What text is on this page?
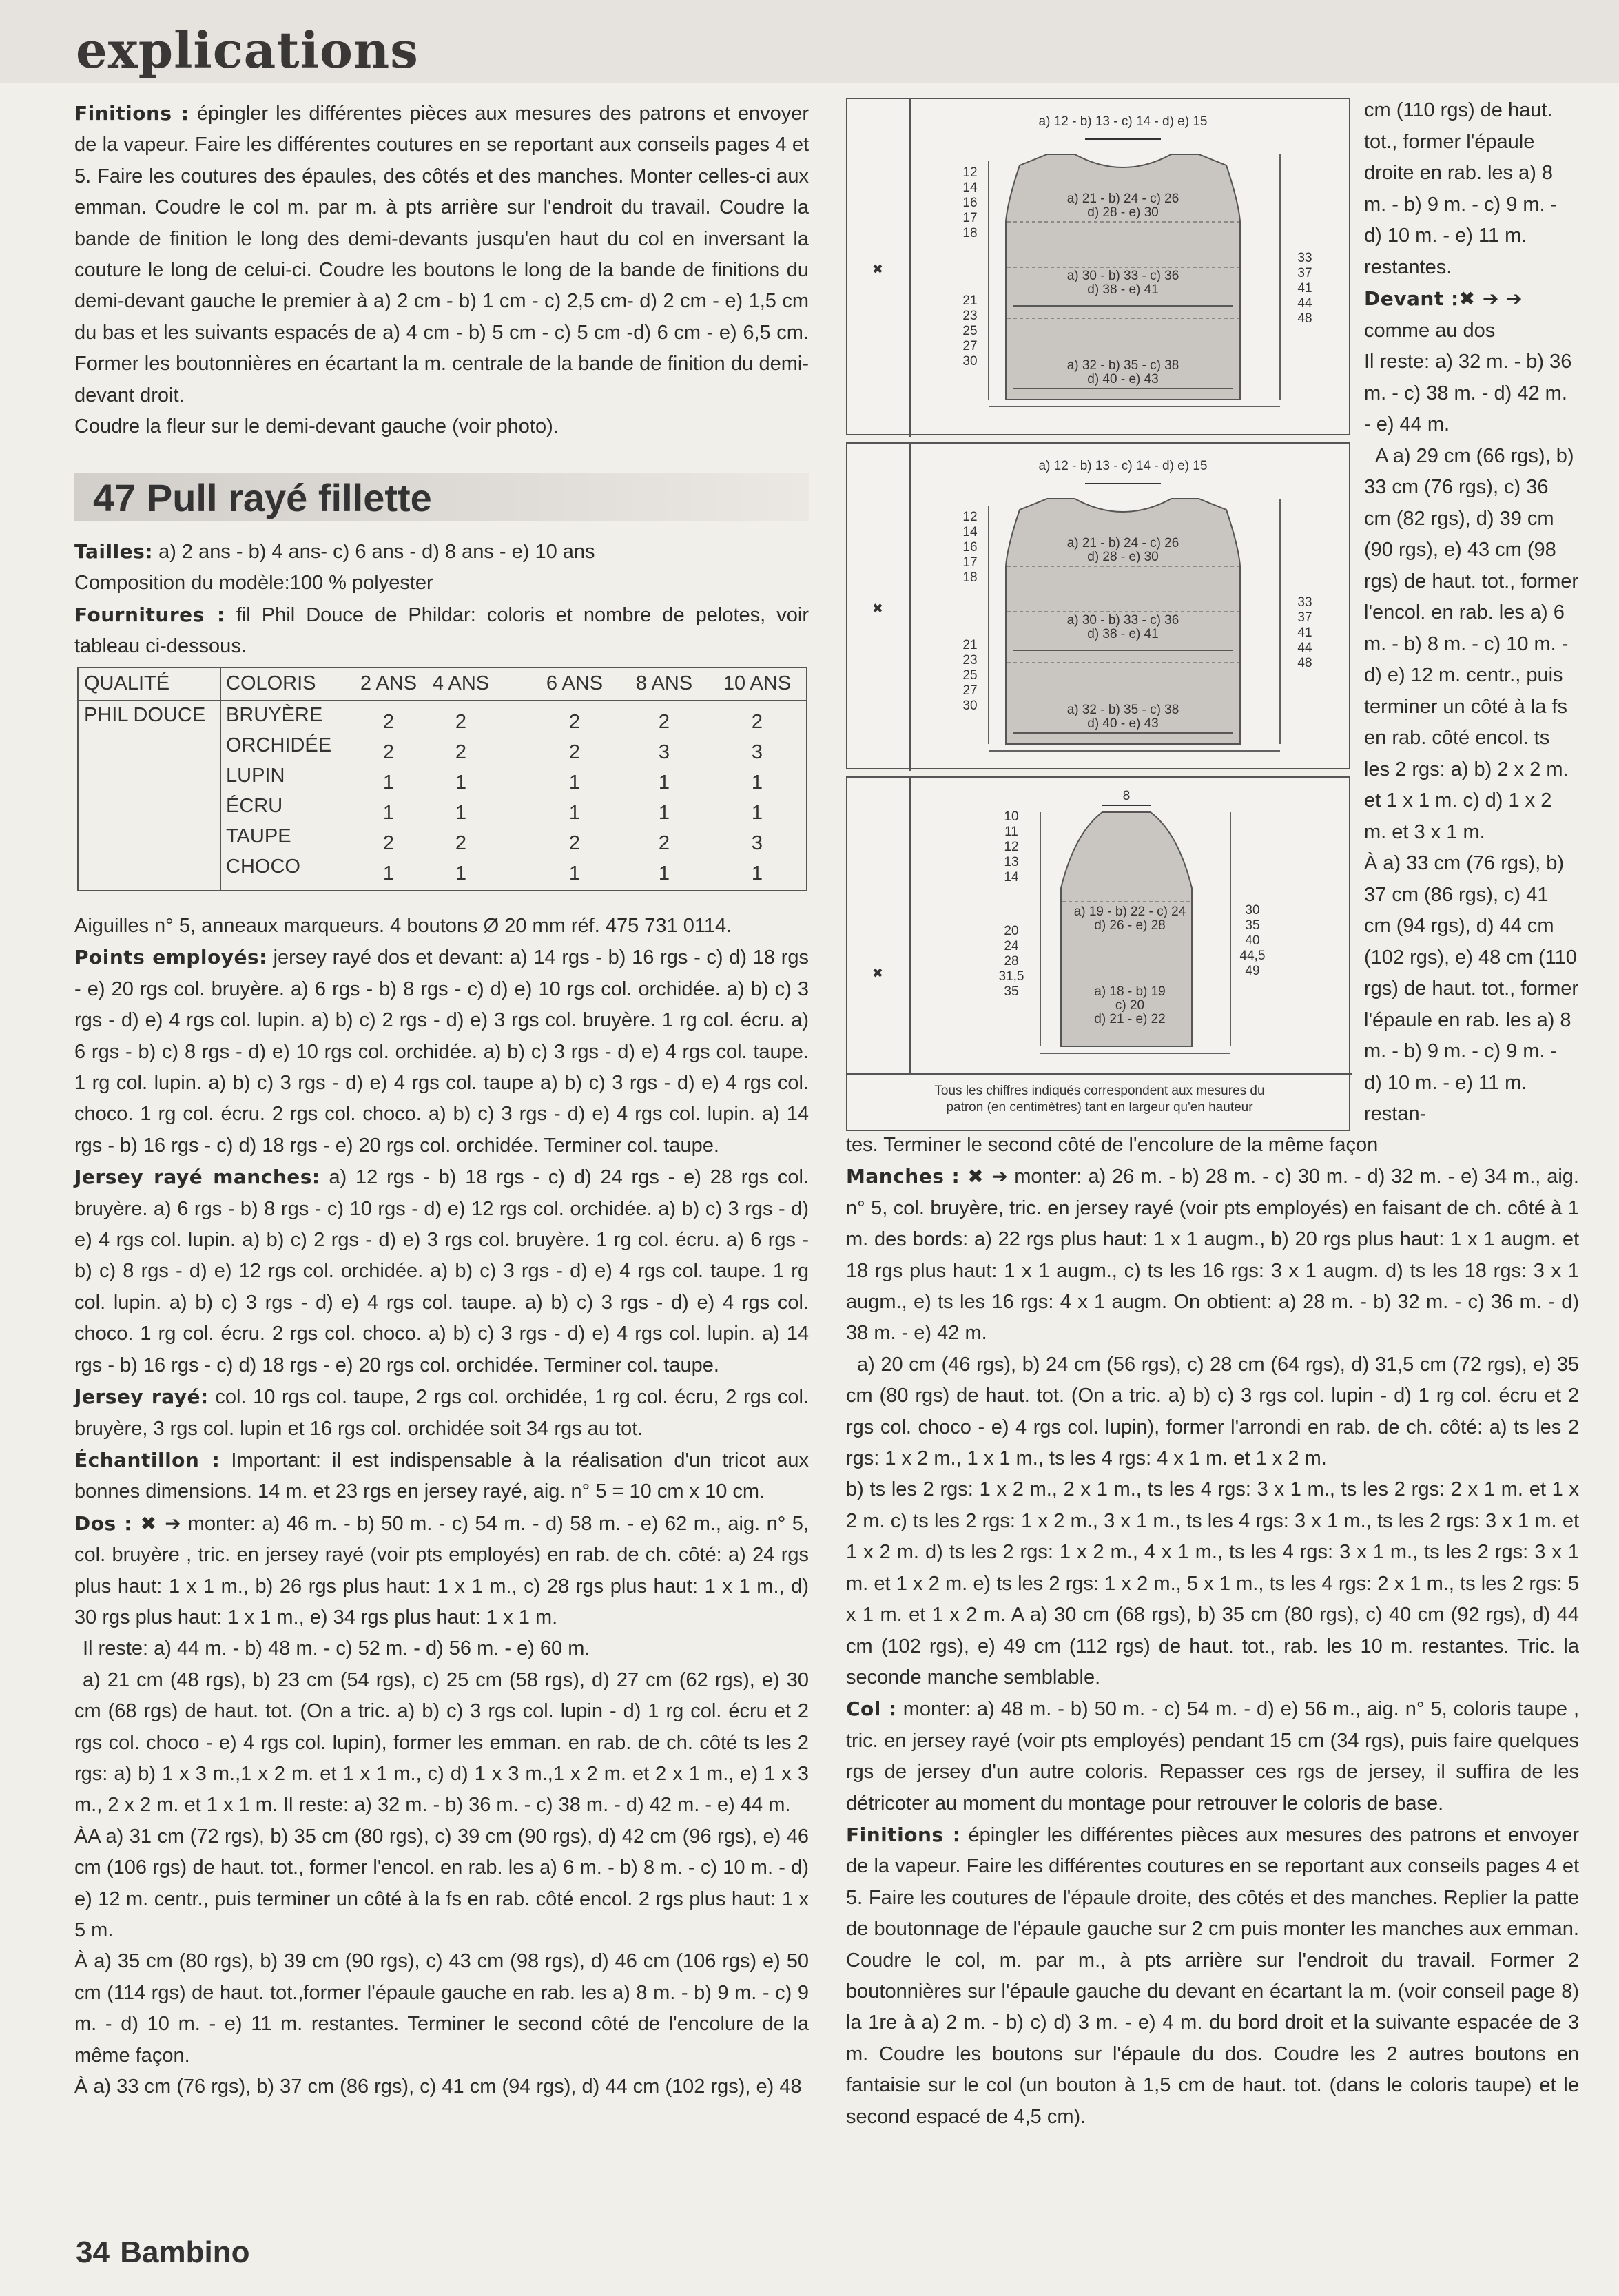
explications

Finitions : épingler les différentes pièces aux mesures des patrons et envoyer de la vapeur. Faire les différentes coutures en se reportant aux conseils pages 4 et 5. Faire les coutures des épaules, des côtés et des manches. Monter celles-ci aux emman. Coudre le col m. par m. à pts arrière sur l'endroit du travail. Coudre la bande de finition le long des demi-devants jusqu'en haut du col en inversant la couture le long de celui-ci. Coudre les boutons le long de la bande de finitions du demi-devant gauche le premier à a) 2 cm - b) 1 cm - c) 2,5 cm- d) 2 cm - e) 1,5 cm du bas et les suivants espacés de a) 4 cm - b) 5 cm - c) 5 cm -d) 6 cm - e) 6,5 cm. Former les boutonnières en écartant la m. centrale de la bande de finition du demi-devant droit.

Coudre la fleur sur le demi-devant gauche (voir photo).

47 Pull rayé fillette

Tailles: a) 2 ans - b) 4 ans- c) 6 ans - d) 8 ans - e) 10 ans

Composition du modèle:100 % polyester

Fournitures : fil Phil Douce de Phildar: coloris et nombre de pelotes, voir tableau ci-dessous.

QUALITÉ	COLORIS	2 ANS 4 ANS	6 ANS	8 ANS	10 ANS
PHIL DOUCE BRUYÈRE	2	2	2	2	2
ORCHIDÉE	2	2	2	3	3
LUPIN	1	1	1	1	1
ÉCRU	1	1	1	1	1
TAUPE	2	2	2	2	3
CHOCO	1	1	1	1	1

Aiguilles n° 5, anneaux marqueurs. 4 boutons Ø 20 mm réf. 475 731 0114.

Points employés: jersey rayé dos et devant: a) 14 rgs - b) 16 rgs - c) d) 18 rgs - e) 20 rgs col. bruyère. a) 6 rgs - b) 8 rgs - c) d) e) 10 rgs col. orchidée. a) b) c) 3 rgs - d) e) 4 rgs col. lupin. a) b) c) 2 rgs - d) e) 3 rgs col. bruyère. 1 rg col. écru. a) 6 rgs - b) c) 8 rgs - d) e) 10 rgs col. orchidée. a) b) c) 3 rgs - d) e) 4 rgs col. taupe. 1 rg col. lupin. a) b) c) 3 rgs - d) e) 4 rgs col. taupe a) b) c) 3 rgs - d) e) 4 rgs col. choco. 1 rg col. écru. 2 rgs col. choco. a) b) c) 3 rgs - d) e) 4 rgs col. lupin. a) 14 rgs - b) 16 rgs - c) d) 18 rgs - e) 20 rgs col. orchidée. Terminer col. taupe.

Jersey rayé manches: a) 12 rgs - b) 18 rgs - c) d) 24 rgs - e) 28 rgs col. bruyère. a) 6 rgs - b) 8 rgs - c) 10 rgs - d) e) 12 rgs col. orchidée. a) b) c) 3 rgs - d) e) 4 rgs col. lupin. a) b) c) 2 rgs - d) e) 3 rgs col. bruyère. 1 rg col. écru. a) 6 rgs - b) c) 8 rgs - d) e) 12 rgs col. orchidée. a) b) c) 3 rgs - d) e) 4 rgs col. taupe. 1 rg col. lupin. a) b) c) 3 rgs - d) e) 4 rgs col. taupe. a) b) c) 3 rgs - d) e) 4 rgs col. choco. 1 rg col. écru. 2 rgs col. choco. a) b) c) 3 rgs - d) e) 4 rgs col. lupin. a) 14 rgs - b) 16 rgs - c) d) 18 rgs - e) 20 rgs col. orchidée. Terminer col. taupe.

Jersey rayé: col. 10 rgs col. taupe, 2 rgs col. orchidée, 1 rg col. écru, 2 rgs col. bruyère, 3 rgs col. lupin et 16 rgs col. orchidée soit 34 rgs au tot.

Échantillon : Important: il est indispensable à la réalisation d'un tricot aux bonnes dimensions. 14 m. et 23 rgs en jersey rayé, aig. n° 5 = 10 cm x 10 cm.

Dos : ✖ ➔ monter: a) 46 m. - b) 50 m. - c) 54 m. - d) 58 m. - e) 62 m., aig. n° 5, col. bruyère , tric. en jersey rayé (voir pts employés) en rab. de ch. côté: a) 24 rgs plus haut: 1 x 1 m., b) 26 rgs plus haut: 1 x 1 m., c) 28 rgs plus haut: 1 x 1 m., d) 30 rgs plus haut: 1 x 1 m., e) 34 rgs plus haut: 1 x 1 m.

Il reste: a) 44 m. - b) 48 m. - c) 52 m. - d) 56 m. - e) 60 m.

a) 21 cm (48 rgs), b) 23 cm (54 rgs), c) 25 cm (58 rgs), d) 27 cm (62 rgs), e) 30 cm (68 rgs) de haut. tot. (On a tric. a) b) c) 3 rgs col. lupin - d) 1 rg col. écru et 2 rgs col. choco - e) 4 rgs col. lupin), former les emman. en rab. de ch. côté ts les 2 rgs: a) b) 1 x 3 m.,1 x 2 m. et 1 x 1 m., c) d) 1 x 3 m.,1 x 2 m. et 2 x 1 m., e) 1 x 3 m., 2 x 2 m. et 1 x 1 m. Il reste: a) 32 m. - b) 36 m. - c) 38 m. - d) 42 m. - e) 44 m.

ÀA a) 31 cm (72 rgs), b) 35 cm (80 rgs), c) 39 cm (90 rgs), d) 42 cm (96 rgs), e) 46 cm (106 rgs) de haut. tot., former l'encol. en rab. les a) 6 m. - b) 8 m. - c) 10 m. - d) e) 12 m. centr., puis terminer un côté à la fs en rab. côté encol. 2 rgs plus haut: 1 x 5 m.

À a) 35 cm (80 rgs), b) 39 cm (90 rgs), c) 43 cm (98 rgs), d) 46 cm (106 rgs) e) 50 cm (114 rgs) de haut. tot.,former l'épaule gauche en rab. les a) 8 m. - b) 9 m. - c) 9 m. - d) 10 m. - e) 11 m. restantes. Terminer le second côté de l'encolure de la même façon.

À a) 33 cm (76 rgs), b) 37 cm (86 rgs), c) 41 cm (94 rgs), d) 44 cm (102 rgs), e) 48

a) 12 - b) 13 - c) 14 - d) e) 15
a) 21 - b) 24 - c) 26
d) 28 - e) 30
a) 30 - b) 33 - c) 36
d) 38 - e) 41
a) 32 - b) 35 - c) 38
d) 40 - e) 43
12
14
16
17
18
21
23
25
27
30
33
37
41
44
48
✖
a) 12 - b) 13 - c) 14 - d) e) 15
a) 21 - b) 24 - c) 26
d) 28 - e) 30
a) 30 - b) 33 - c) 36
d) 38 - e) 41
a) 32 - b) 35 - c) 38
d) 40 - e) 43
12
14
16
17
18
21
23
25
27
30
33
37
41
44
48
✖
8
a) 19 - b) 22 - c) 24
d) 26 - e) 28
a) 18 - b) 19
c) 20
d) 21 - e) 22
10
11
12
13
14
20
24
28
31,5
35
30
35
40
44,5
49
✖
Tous les chiffres indiqués correspondent aux mesures du
patron (en centimètres) tant en largeur qu'en hauteur

cm (110 rgs) de haut. tot., former l'épaule droite en rab. les a) 8 m. - b) 9 m. - c) 9 m. - d) 10 m. - e) 11 m. restantes.

Devant :✖ ➔ ➔

comme au dos

Il reste: a) 32 m. - b) 36 m. - c) 38 m. - d) 42 m. - e) 44 m.

A a) 29 cm (66 rgs), b) 33 cm (76 rgs), c) 36 cm (82 rgs), d) 39 cm (90 rgs), e) 43 cm (98 rgs) de haut. tot., former l'encol. en rab. les a) 6 m. - b) 8 m. - c) 10 m. - d) e) 12 m. centr., puis terminer un côté à la fs en rab. côté encol. ts les 2 rgs: a) b) 2 x 2 m. et 1 x 1 m. c) d) 1 x 2 m. et 3 x 1 m.

À a) 33 cm (76 rgs), b) 37 cm (86 rgs), c) 41 cm (94 rgs), d) 44 cm (102 rgs), e) 48 cm (110 rgs) de haut. tot., former l'épaule en rab. les a) 8 m. - b) 9 m. - c) 9 m. - d) 10 m. - e) 11 m. restan-

tes. Terminer le second côté de l'encolure de la même façon

Manches : ✖ ➔ monter: a) 26 m. - b) 28 m. - c) 30 m. - d) 32 m. - e) 34 m., aig. n° 5, col. bruyère, tric. en jersey rayé (voir pts employés) en faisant de ch. côté à 1 m. des bords: a) 22 rgs plus haut: 1 x 1 augm., b) 20 rgs plus haut: 1 x 1 augm. et 18 rgs plus haut: 1 x 1 augm., c) ts les 16 rgs: 3 x 1 augm. d) ts les 18 rgs: 3 x 1 augm., e) ts les 16 rgs: 4 x 1 augm. On obtient: a) 28 m. - b) 32 m. - c) 36 m. - d) 38 m. - e) 42 m.

a) 20 cm (46 rgs), b) 24 cm (56 rgs), c) 28 cm (64 rgs), d) 31,5 cm (72 rgs), e) 35 cm (80 rgs) de haut. tot. (On a tric. a) b) c) 3 rgs col. lupin - d) 1 rg col. écru et 2 rgs col. choco - e) 4 rgs col. lupin), former l'arrondi en rab. de ch. côté: a) ts les 2 rgs: 1 x 2 m., 1 x 1 m., ts les 4 rgs: 4 x 1 m. et 1 x 2 m.

b) ts les 2 rgs: 1 x 2 m., 2 x 1 m., ts les 4 rgs: 3 x 1 m., ts les 2 rgs: 2 x 1 m. et 1 x 2 m. c) ts les 2 rgs: 1 x 2 m., 3 x 1 m., ts les 4 rgs: 3 x 1 m., ts les 2 rgs: 3 x 1 m. et 1 x 2 m. d) ts les 2 rgs: 1 x 2 m., 4 x 1 m., ts les 4 rgs: 3 x 1 m., ts les 2 rgs: 3 x 1 m. et 1 x 2 m. e) ts les 2 rgs: 1 x 2 m., 5 x 1 m., ts les 4 rgs: 2 x 1 m., ts les 2 rgs: 5 x 1 m. et 1 x 2 m. A a) 30 cm (68 rgs), b) 35 cm (80 rgs), c) 40 cm (92 rgs), d) 44 cm (102 rgs), e) 49 cm (112 rgs) de haut. tot., rab. les 10 m. restantes. Tric. la seconde manche semblable.

Col : monter: a) 48 m. - b) 50 m. - c) 54 m. - d) e) 56 m., aig. n° 5, coloris taupe , tric. en jersey rayé (voir pts employés) pendant 15 cm (34 rgs), puis faire quelques rgs de jersey d'un autre coloris. Repasser ces rgs de jersey, il suffira de les détricoter au moment du montage pour retrouver le coloris de base.

Finitions : épingler les différentes pièces aux mesures des patrons et envoyer de la vapeur. Faire les différentes coutures en se reportant aux conseils pages 4 et 5. Faire les coutures de l'épaule droite, des côtés et des manches. Replier la patte de boutonnage de l'épaule gauche sur 2 cm puis monter les manches aux emman. Coudre le col, m. par m., à pts arrière sur l'endroit du travail. Former 2 boutonnières sur l'épaule gauche du devant en écartant la m. (voir conseil page 8) la 1re à a) 2 m. - b) c) d) 3 m. - e) 4 m. du bord droit et la suivante espacée de 3 m. Coudre les boutons sur l'épaule du dos. Coudre les 2 autres boutons en fantaisie sur le col (un bouton à 1,5 cm de haut. tot. (dans le coloris taupe) et le second espacé de 4,5 cm).

34 Bambino
